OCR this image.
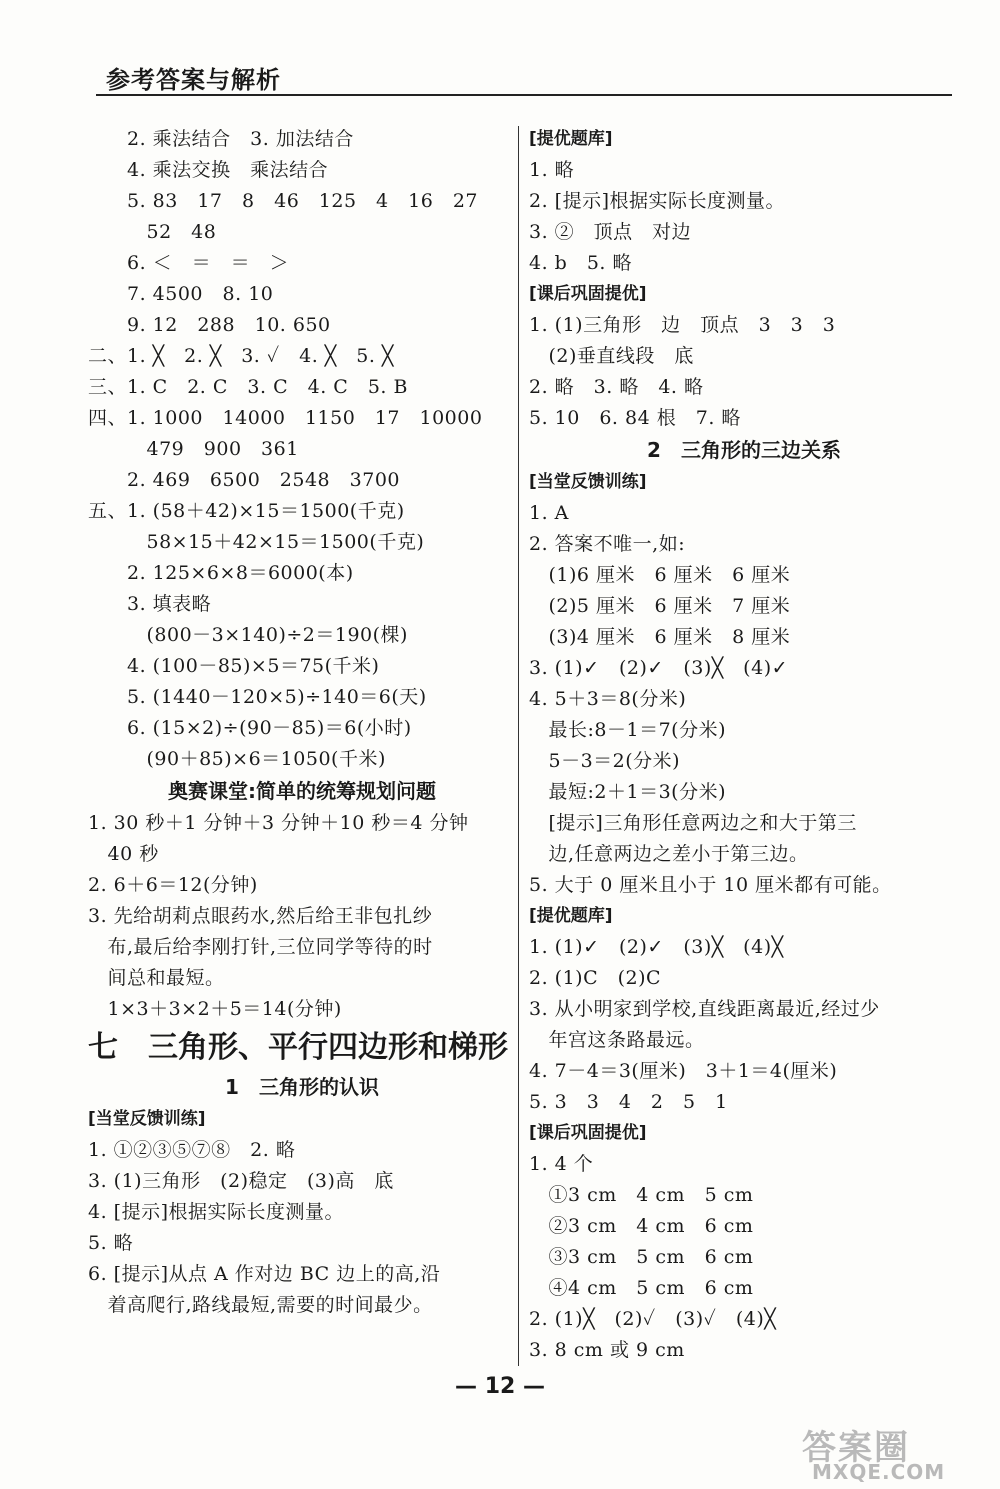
参考答案与解析
　　2. 乘法结合　3. 加法结合
　　4. 乘法交换　乘法结合
　　5. 83　17　8　46　125　4　16　27
　　　52　48
　　6. ＜　＝　＝　＞
　　7. 4500　8. 10
　　9. 12　288　10. 650
二、1. ╳　2. ╳　3. ✓　4. ╳　5. ╳
三、1. C　2. C　3. C　4. C　5. B
四、1. 1000　14000　1150　17　10000
　　　479　900　361
　　2. 469　6500　2548　3700
五、1. (58＋42)×15＝1500(千克)
　　　58×15＋42×15＝1500(千克)
　　2. 125×6×8＝6000(本)
　　3. 填表略
　　　(800－3×140)÷2＝190(棵)
　　4. (100－85)×5＝75(千米)
　　5. (1440－120×5)÷140＝6(天)
　　6. (15×2)÷(90－85)＝6(小时)
　　　(90＋85)×6＝1050(千米)
奥赛课堂:简单的统筹规划问题
1. 30 秒＋1 分钟＋3 分钟＋10 秒＝4 分钟
　40 秒
2. 6＋6＝12(分钟)
3. 先给胡莉点眼药水,然后给王非包扎纱
　布,最后给李刚打针,三位同学等待的时
　间总和最短。
　1×3＋3×2＋5＝14(分钟)
七　三角形、平行四边形和梯形
1　三角形的认识
[当堂反馈训练]
1. ①②③⑤⑦⑧　2. 略
3. (1)三角形　(2)稳定　(3)高　底
4. [提示]根据实际长度测量。
5. 略
6. [提示]从点 A 作对边 BC 边上的高,沿
　着高爬行,路线最短,需要的时间最少。
[提优题库]
1. 略
2. [提示]根据实际长度测量。
3. ②　顶点　对边
4. b　5. 略
[课后巩固提优]
1. (1)三角形　边　顶点　3　3　3
　(2)垂直线段　底
2. 略　3. 略　4. 略
5. 10　6. 84 根　7. 略
2　三角形的三边关系
[当堂反馈训练]
1. A
2. 答案不唯一,如:
　(1)6 厘米　6 厘米　6 厘米
　(2)5 厘米　6 厘米　7 厘米
　(3)4 厘米　6 厘米　8 厘米
3. (1)✓　(2)✓　(3)╳　(4)✓
4. 5＋3＝8(分米)
　最长:8－1＝7(分米)
　5－3＝2(分米)
　最短:2＋1＝3(分米)
　[提示]三角形任意两边之和大于第三
　边,任意两边之差小于第三边。
5. 大于 0 厘米且小于 10 厘米都有可能。
[提优题库]
1. (1)✓　(2)✓　(3)╳　(4)╳
2. (1)C　(2)C
3. 从小明家到学校,直线距离最近,经过少
　年宫这条路最远。
4. 7－4＝3(厘米)　3＋1＝4(厘米)
5. 3　3　4　2　5　1
[课后巩固提优]
1. 4 个
　①3 cm　4 cm　5 cm
　②3 cm　4 cm　6 cm
　③3 cm　5 cm　6 cm
　④4 cm　5 cm　6 cm
2. (1)╳　(2)✓　(3)✓　(4)╳
3. 8 cm 或 9 cm
— 12 —
答案圈
MXQE.COM
